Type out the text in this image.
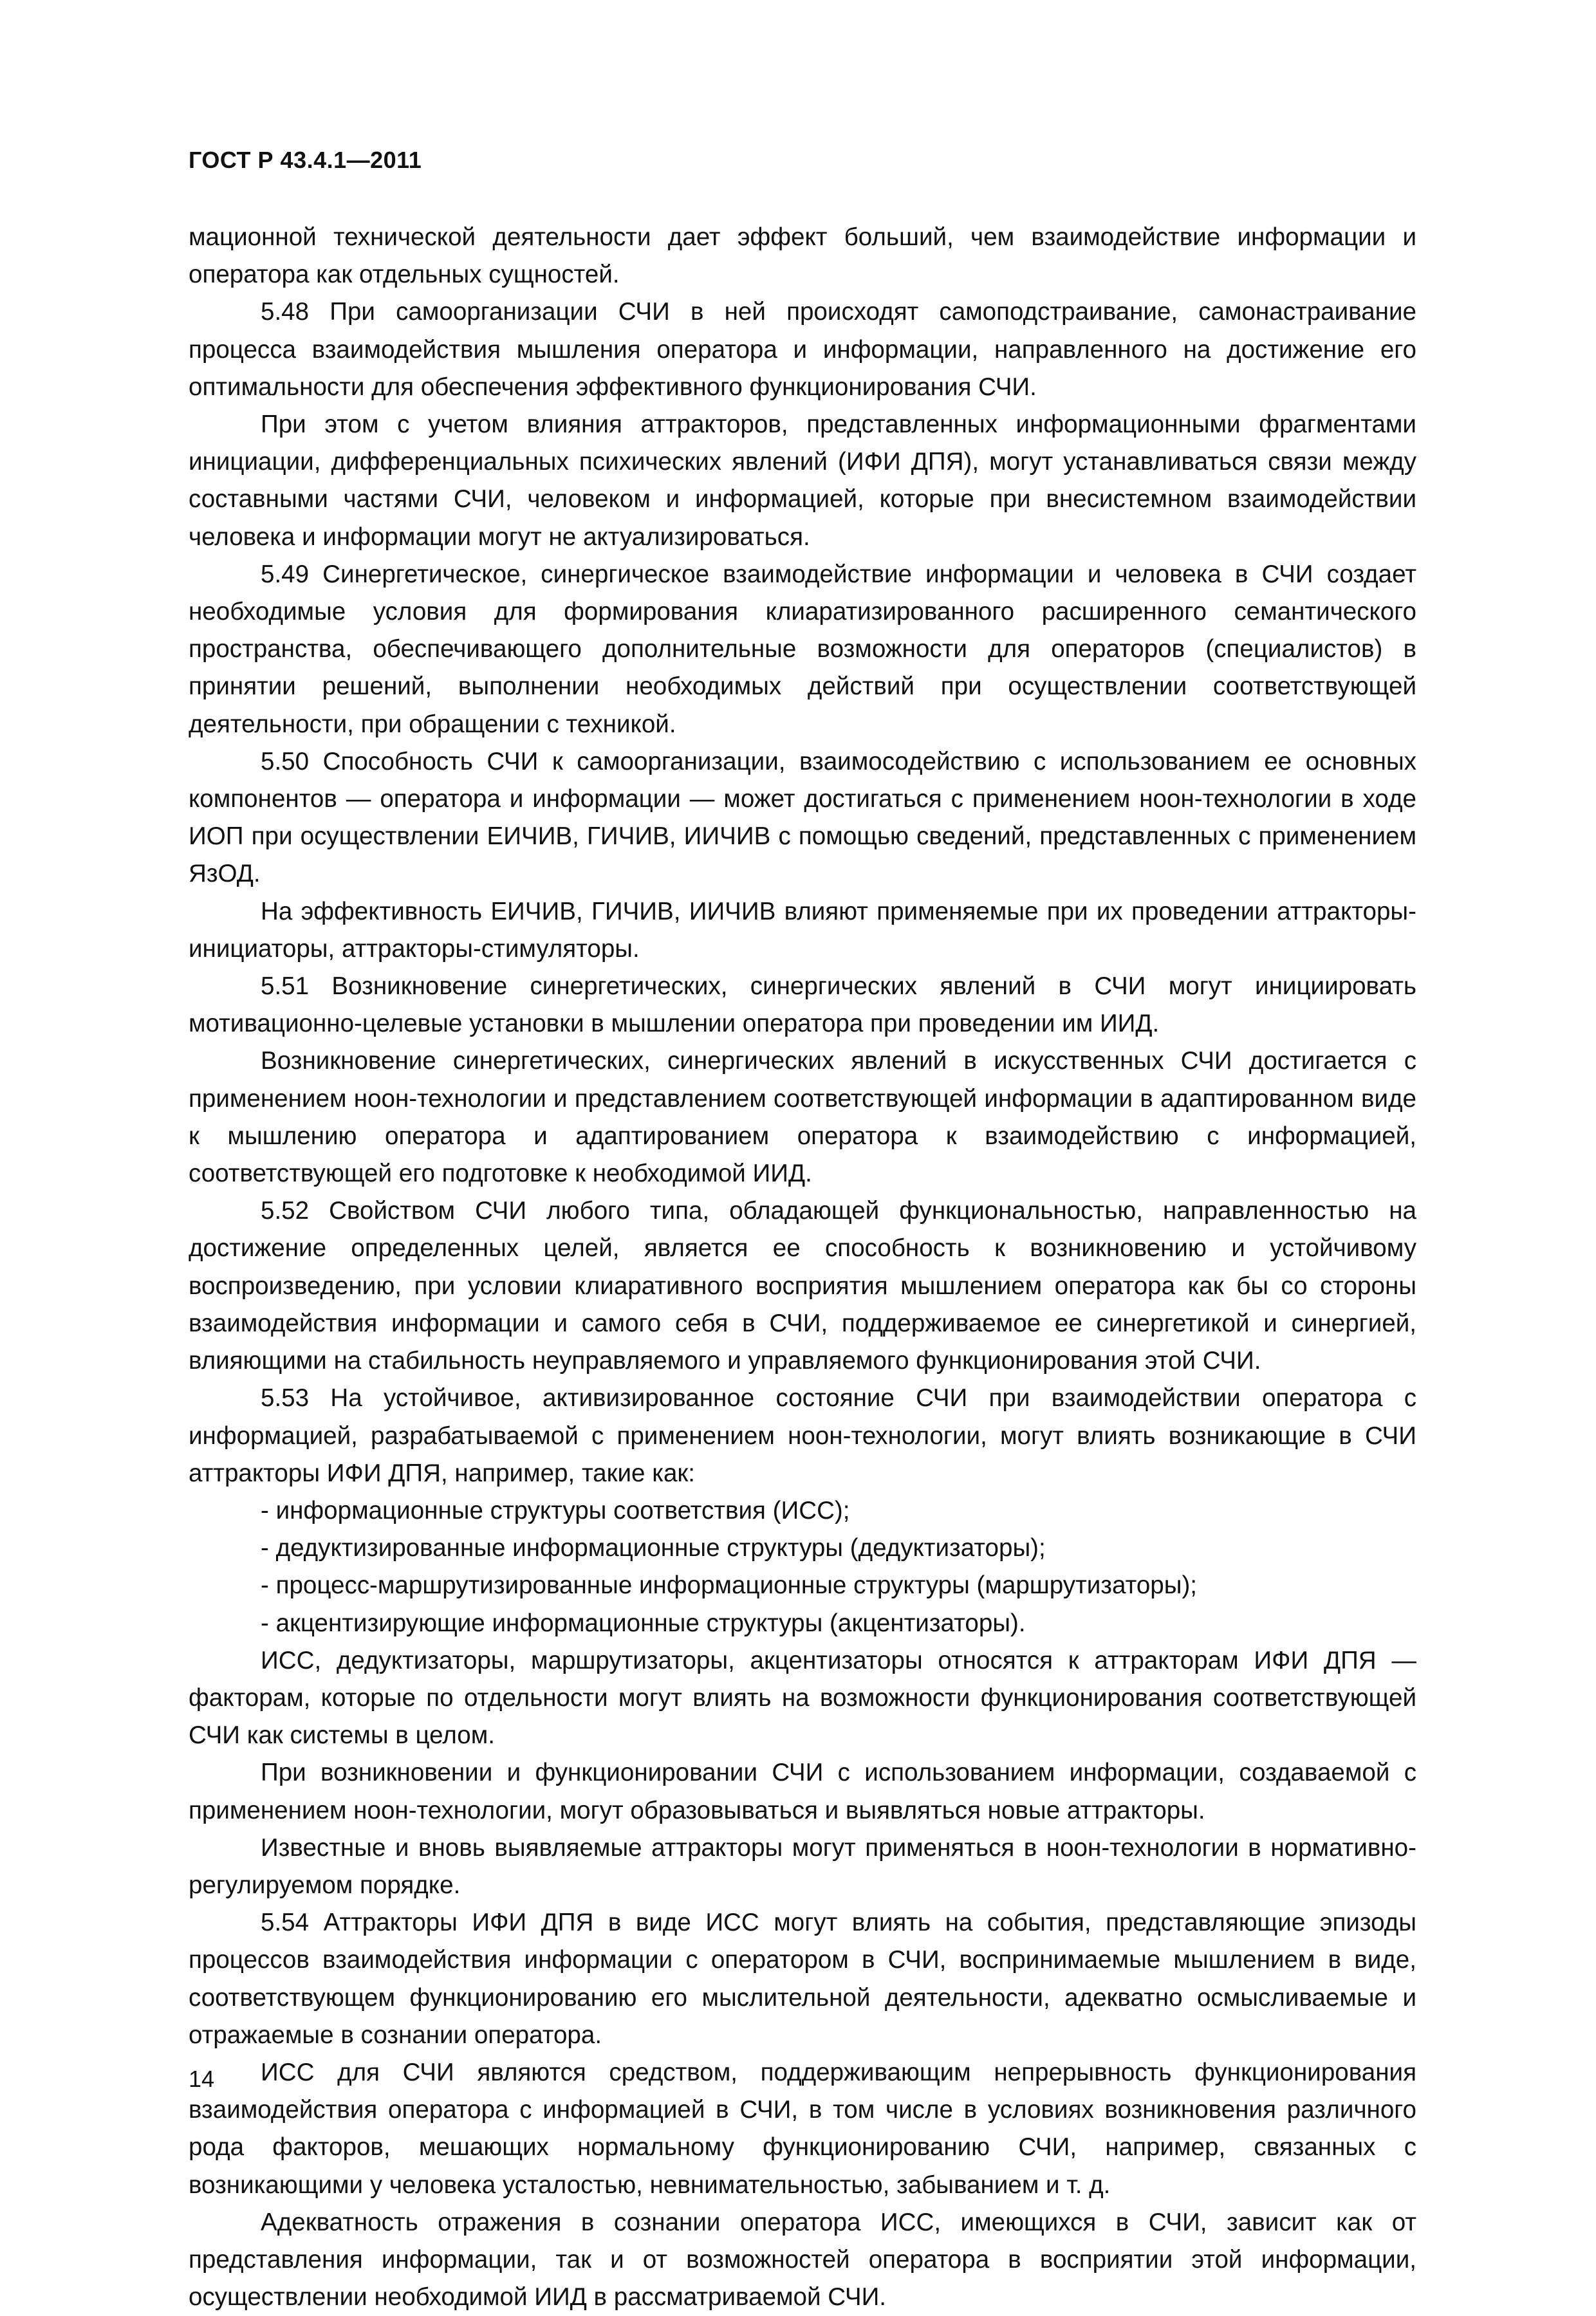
ГОСТ Р 43.4.1—2011

мационной технической деятельности дает эффект больший, чем взаимодействие информации и оператора как отдельных сущностей.

5.48 При самоорганизации СЧИ в ней происходят самоподстраивание, самонастраивание процесса взаимодействия мышления оператора и информации, направленного на достижение его оптимальности для обеспечения эффективного функционирования СЧИ.

При этом с учетом влияния аттракторов, представленных информационными фрагментами инициации, дифференциальных психических явлений (ИФИ ДПЯ), могут устанавливаться связи между составными частями СЧИ, человеком и информацией, которые при внесистемном взаимодействии человека и информации могут не актуализироваться.

5.49 Синергетическое, синергическое взаимодействие информации и человека в СЧИ создает необходимые условия для формирования клиаратизированного расширенного семантического пространства, обеспечивающего дополнительные возможности для операторов (специалистов) в принятии решений, выполнении необходимых действий при осуществлении соответствующей деятельности, при обращении с техникой.

5.50 Способность СЧИ к самоорганизации, взаимосодействию с использованием ее основных компонентов — оператора и информации — может достигаться с применением ноон-технологии в ходе ИОП при осуществлении ЕИЧИВ, ГИЧИВ, ИИЧИВ с помощью сведений, представленных с применением ЯзОД.

На эффективность ЕИЧИВ, ГИЧИВ, ИИЧИВ влияют применяемые при их проведении аттракторы-инициаторы, аттракторы-стимуляторы.

5.51 Возникновение синергетических, синергических явлений в СЧИ могут инициировать мотивационно-целевые установки в мышлении оператора при проведении им ИИД.

Возникновение синергетических, синергических явлений в искусственных СЧИ достигается с применением ноон-технологии и представлением соответствующей информации в адаптированном виде к мышлению оператора и адаптированием оператора к взаимодействию с информацией, соответствующей его подготовке к необходимой ИИД.

5.52 Свойством СЧИ любого типа, обладающей функциональностью, направленностью на достижение определенных целей, является ее способность к возникновению и устойчивому воспроизведению, при условии клиаративного восприятия мышлением оператора как бы со стороны взаимодействия информации и самого себя в СЧИ, поддерживаемое ее синергетикой и синергией, влияющими на стабильность неуправляемого и управляемого функционирования этой СЧИ.

5.53 На устойчивое, активизированное состояние СЧИ при взаимодействии оператора с информацией, разрабатываемой с применением ноон-технологии, могут влиять возникающие в СЧИ аттракторы ИФИ ДПЯ, например, такие как:

- информационные структуры соответствия (ИСС);

- дедуктизированные информационные структуры (дедуктизаторы);

- процесс-маршрутизированные информационные структуры (маршрутизаторы);

- акцентизирующие информационные структуры (акцентизаторы).

ИСС, дедуктизаторы, маршрутизаторы, акцентизаторы относятся к аттракторам ИФИ ДПЯ — факторам, которые по отдельности могут влиять на возможности функционирования соответствующей СЧИ как системы в целом.

При возникновении и функционировании СЧИ с использованием информации, создаваемой с применением ноон-технологии, могут образовываться и выявляться новые аттракторы.

Известные и вновь выявляемые аттракторы могут применяться в ноон-технологии в нормативно-регулируемом порядке.

5.54 Аттракторы ИФИ ДПЯ в виде ИСС могут влиять на события, представляющие эпизоды процессов взаимодействия информации с оператором в СЧИ, воспринимаемые мышлением в виде, соответствующем функционированию его мыслительной деятельности, адекватно осмысливаемые и отражаемые в сознании оператора.

ИСС для СЧИ являются средством, поддерживающим непрерывность функционирования взаимодействия оператора с информацией в СЧИ, в том числе в условиях возникновения различного рода факторов, мешающих нормальному функционированию СЧИ, например, связанных с возникающими у человека усталостью, невнимательностью, забыванием и т. д.

Адекватность отражения в сознании оператора ИСС, имеющихся в СЧИ, зависит как от представления информации, так и от возможностей оператора в восприятии этой информации, осуществлении необходимой ИИД в рассматриваемой СЧИ.

14
